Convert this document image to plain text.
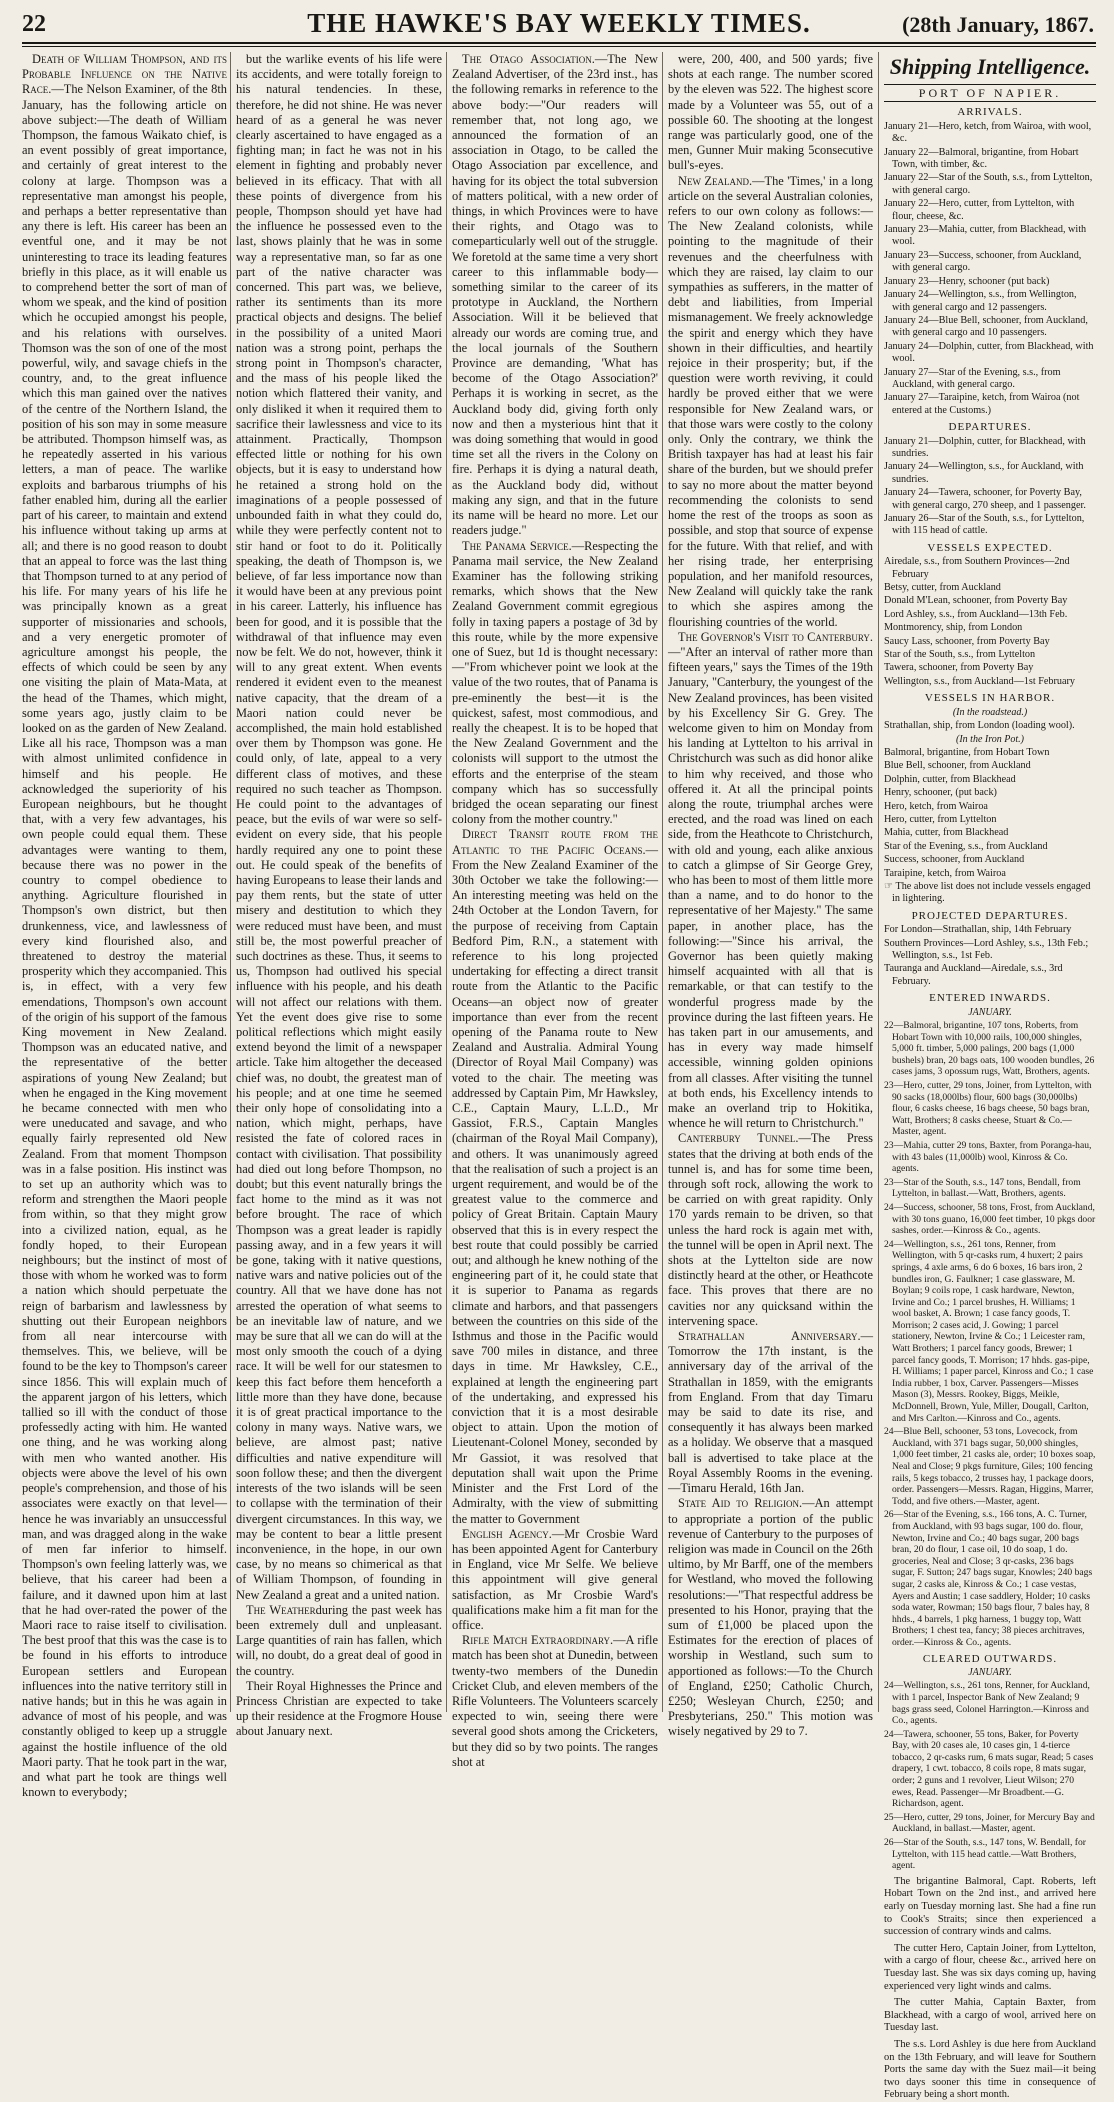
22	THE HAWKE'S BAY WEEKLY TIMES.	(28th January, 1867.

Death of William Thompson, and its Probable Influence on the Native Race.—The Nelson Examiner, of the 8th January, has the following article on above subject:—The death of William Thompson, the famous Waikato chief, is an event possibly of great importance, and certainly of great interest to the colony at large. Thompson was a representative man amongst his people, and perhaps a better representative than any there is left. His career has been an eventful one, and it may be not uninteresting to trace its leading features briefly in this place, as it will enable us to comprehend better the sort of man of whom we speak, and the kind of position which he occupied amongst his people, and his relations with ourselves. Thomson was the son of one of the most powerful, wily, and savage chiefs in the country, and, to the great influence which this man gained over the natives of the centre of the Northern Island, the position of his son may in some measure be attributed. Thompson himself was, as he repeatedly asserted in his various letters, a man of peace. The warlike exploits and barbarous triumphs of his father enabled him, during all the earlier part of his career, to maintain and extend his influence without taking up arms at all; and there is no good reason to doubt that an appeal to force was the last thing that Thompson turned to at any period of his life. For many years of his life he was principally known as a great supporter of missionaries and schools, and a very energetic promoter of agriculture amongst his people, the effects of which could be seen by any one visiting the plain of Mata-Mata, at the head of the Thames, which might, some years ago, justly claim to be looked on as the garden of New Zealand. Like all his race, Thompson was a man with almost unlimited confidence in himself and his people. He acknowledged the superiority of his European neighbours, but he thought that, with a very few advantages, his own people could equal them. These advantages were wanting to them, because there was no power in the country to compel obedience to anything. Agriculture flourished in Thompson's own district, but then drunkenness, vice, and lawlessness of every kind flourished also, and threatened to destroy the material prosperity which they accompanied. This is, in effect, with a very few emendations, Thompson's own account of the origin of his support of the famous King movement in New Zealand. Thompson was an educated native, and the representative of the better aspirations of young New Zealand; but when he engaged in the King movement he became connected with men who were uneducated and savage, and who equally fairly represented old New Zealand. From that moment Thompson was in a false position. His instinct was to set up an authority which was to reform and strengthen the Maori people from within, so that they might grow into a civilized nation, equal, as he fondly hoped, to their European neighbours; but the instinct of most of those with whom he worked was to form a nation which should perpetuate the reign of barbarism and lawlessness by shutting out their European neighbors from all near intercourse with themselves. This, we believe, will be found to be the key to Thompson's career since 1856. This will explain much of the apparent jargon of his letters, which tallied so ill with the conduct of those professedly acting with him. He wanted one thing, and he was working along with men who wanted another. His objects were above the level of his own people's comprehension, and those of his associates were exactly on that level—hence he was invariably an unsuccessful man, and was dragged along in the wake of men far inferior to himself. Thompson's own feeling latterly was, we believe, that his career had been a failure, and it dawned upon him at last that he had over-rated the power of the Maori race to raise itself to civilisation. The best proof that this was the case is to be found in his efforts to introduce European settlers and European influences into the native territory still in native hands; but in this he was again in advance of most of his people, and was constantly obliged to keep up a struggle against the hostile influence of the old Maori party. That he took part in the war, and what part he took are things well known to everybody;

but the warlike events of his life were its accidents, and were totally foreign to his natural tendencies. In these, therefore, he did not shine. He was never heard of as a general he was never clearly ascertained to have engaged as a fighting man; in fact he was not in his element in fighting and probably never believed in its efficacy. That with all these points of divergence from his people, Thompson should yet have had the influence he possessed even to the last, shows plainly that he was in some way a representative man, so far as one part of the native character was concerned. This part was, we believe, rather its sentiments than its more practical objects and designs. The belief in the possibility of a united Maori nation was a strong point, perhaps the strong point in Thompson's character, and the mass of his people liked the notion which flattered their vanity, and only disliked it when it required them to sacrifice their lawlessness and vice to its attainment. Practically, Thompson effected little or nothing for his own objects, but it is easy to understand how he retained a strong hold on the imaginations of a people possessed of unbounded faith in what they could do, while they were perfectly content not to stir hand or foot to do it. Politically speaking, the death of Thompson is, we believe, of far less importance now than it would have been at any previous point in his career. Latterly, his influence has been for good, and it is possible that the withdrawal of that influence may even now be felt. We do not, however, think it will to any great extent. When events rendered it evident even to the meanest native capacity, that the dream of a Maori nation could never be accomplished, the main hold established over them by Thompson was gone. He could only, of late, appeal to a very different class of motives, and these required no such teacher as Thompson. He could point to the advantages of peace, but the evils of war were so self-evident on every side, that his people hardly required any one to point these out. He could speak of the benefits of having Europeans to lease their lands and pay them rents, but the state of utter misery and destitution to which they were reduced must have been, and must still be, the most powerful preacher of such doctrines as these. Thus, it seems to us, Thompson had outlived his special influence with his people, and his death will not affect our relations with them. Yet the event does give rise to some political reflections which might easily extend beyond the limit of a newspaper article. Take him altogether the deceased chief was, no doubt, the greatest man of his people; and at one time he seemed their only hope of consolidating into a nation, which might, perhaps, have resisted the fate of colored races in contact with civilisation. That possibility had died out long before Thompson, no doubt; but this event naturally brings the fact home to the mind as it was not before brought. The race of which Thompson was a great leader is rapidly passing away, and in a few years it will be gone, taking with it native questions, native wars and native policies out of the country. All that we have done has not arrested the operation of what seems to be an inevitable law of nature, and we may be sure that all we can do will at the most only smooth the couch of a dying race. It will be well for our statesmen to keep this fact before them henceforth a little more than they have done, because it is of great practical importance to the colony in many ways. Native wars, we believe, are almost past; native difficulties and native expenditure will soon follow these; and then the divergent interests of the two islands will be seen to collapse with the termination of their divergent circumstances. In this way, we may be content to bear a little present inconvenience, in the hope, in our own case, by no means so chimerical as that of William Thompson, of founding in New Zealand a great and a united nation.

The Weatherduring the past week has been extremely dull and unpleasant. Large quantities of rain has fallen, which will, no doubt, do a great deal of good in the country.

Their Royal Highnesses the Prince and Princess Christian are expected to take up their residence at the Frogmore House about January next.

The Otago Association.—The New Zealand Advertiser, of the 23rd inst., has the following remarks in reference to the above body:—"Our readers will remember that, not long ago, we announced the formation of an association in Otago, to be called the Otago Association par excellence, and having for its object the total subversion of matters political, with a new order of things, in which Provinces were to have their rights, and Otago was to comeparticularly well out of the struggle. We foretold at the same time a very short career to this inflammable body—something similar to the career of its prototype in Auckland, the Northern Association. Will it be believed that already our words are coming true, and the local journals of the Southern Province are demanding, 'What has become of the Otago Association?' Perhaps it is working in secret, as the Auckland body did, giving forth only now and then a mysterious hint that it was doing something that would in good time set all the rivers in the Colony on fire. Perhaps it is dying a natural death, as the Auckland body did, without making any sign, and that in the future its name will be heard no more. Let our readers judge."

The Panama Service.—Respecting the Panama mail service, the New Zealand Examiner has the following striking remarks, which shows that the New Zealand Government commit egregious folly in taxing papers a postage of 3d by this route, while by the more expensive one of Suez, but 1d is thought necessary:—"From whichever point we look at the value of the two routes, that of Panama is pre-eminently the best—it is the quickest, safest, most commodious, and really the cheapest. It is to be hoped that the New Zealand Government and the colonists will support to the utmost the efforts and the enterprise of the steam company which has so successfully bridged the ocean separating our finest colony from the mother country."

Direct Transit route from the Atlantic to the Pacific Oceans.—From the New Zealand Examiner of the 30th October we take the following:—An interesting meeting was held on the 24th October at the London Tavern, for the purpose of receiving from Captain Bedford Pim, R.N., a statement with reference to his long projected undertaking for effecting a direct transit route from the Atlantic to the Pacific Oceans—an object now of greater importance than ever from the recent opening of the Panama route to New Zealand and Australia. Admiral Young (Director of Royal Mail Company) was voted to the chair. The meeting was addressed by Captain Pim, Mr Hawksley, C.E., Captain Maury, L.L.D., Mr Gassiot, F.R.S., Captain Mangles (chairman of the Royal Mail Company), and others. It was unanimously agreed that the realisation of such a project is an urgent requirement, and would be of the greatest value to the commerce and policy of Great Britain. Captain Maury observed that this is in every respect the best route that could possibly be carried out; and although he knew nothing of the engineering part of it, he could state that it is superior to Panama as regards climate and harbors, and that passengers between the countries on this side of the Isthmus and those in the Pacific would save 700 miles in distance, and three days in time. Mr Hawksley, C.E., explained at length the engineering part of the undertaking, and expressed his conviction that it is a most desirable object to attain. Upon the motion of Lieutenant-Colonel Money, seconded by Mr Gassiot, it was resolved that deputation shall wait upon the Prime Minister and the Frst Lord of the Admiralty, with the view of submitting the matter to Government

English Agency.—Mr Crosbie Ward has been appointed Agent for Canterbury in England, vice Mr Selfe. We believe this appointment will give general satisfaction, as Mr Crosbie Ward's qualifications make him a fit man for the office.

Rifle Match Extraordinary.—A rifle match has been shot at Dunedin, between twenty-two members of the Dunedin Cricket Club, and eleven members of the Rifle Volunteers. The Volunteers scarcely expected to win, seeing there were several good shots among the Cricketers, but they did so by two points. The ranges shot at

were, 200, 400, and 500 yards; five shots at each range. The number scored by the eleven was 522. The highest score made by a Volunteer was 55, out of a possible 60. The shooting at the longest range was particularly good, one of the men, Gunner Muir making 5consecutive bull's-eyes.

New Zealand.—The 'Times,' in a long article on the several Australian colonies, refers to our own colony as follows:—The New Zealand colonists, while pointing to the magnitude of their revenues and the cheerfulness with which they are raised, lay claim to our sympathies as sufferers, in the matter of debt and liabilities, from Imperial mismanagement. We freely acknowledge the spirit and energy which they have shown in their difficulties, and heartily rejoice in their prosperity; but, if the question were worth reviving, it could hardly be proved either that we were responsible for New Zealand wars, or that those wars were costly to the colony only. Only the contrary, we think the British taxpayer has had at least his fair share of the burden, but we should prefer to say no more about the matter beyond recommending the colonists to send home the rest of the troops as soon as possible, and stop that source of expense for the future. With that relief, and with her rising trade, her enterprising population, and her manifold resources, New Zealand will quickly take the rank to which she aspires among the flourishing countries of the world.

The Governor's Visit to Canterbury.—"After an interval of rather more than fifteen years," says the Times of the 19th January, "Canterbury, the youngest of the New Zealand provinces, has been visited by his Excellency Sir G. Grey. The welcome given to him on Monday from his landing at Lyttelton to his arrival in Christchurch was such as did honor alike to him why received, and those who offered it. At all the principal points along the route, triumphal arches were erected, and the road was lined on each side, from the Heathcote to Christchurch, with old and young, each alike anxious to catch a glimpse of Sir George Grey, who has been to most of them little more than a name, and to do honor to the representative of her Majesty." The same paper, in another place, has the following:—"Since his arrival, the Governor has been quietly making himself acquainted with all that is remarkable, or that can testify to the wonderful progress made by the province during the last fifteen years. He has taken part in our amusements, and has in every way made himself accessible, winning golden opinions from all classes. After visiting the tunnel at both ends, his Excellency intends to make an overland trip to Hokitika, whence he will return to Christchurch."

Canterbury Tunnel.—The Press states that the driving at both ends of the tunnel is, and has for some time been, through soft rock, allowing the work to be carried on with great rapidity. Only 170 yards remain to be driven, so that unless the hard rock is again met with, the tunnel will be open in April next. The shots at the Lyttelton side are now distinctly heard at the other, or Heathcote face. This proves that there are no cavities nor any quicksand within the intervening space.

Strathallan Anniversary.—Tomorrow the 17th instant, is the anniversary day of the arrival of the Strathallan in 1859, with the emigrants from England. From that day Timaru may be said to date its rise, and consequently it has always been marked as a holiday. We observe that a masqued ball is advertised to take place at the Royal Assembly Rooms in the evening.—Timaru Herald, 16th Jan.

State Aid to Religion.—An attempt to appropriate a portion of the public revenue of Canterbury to the purposes of religion was made in Council on the 26th ultimo, by Mr Barff, one of the members for Westland, who moved the following resolutions:—"That respectful address be presented to his Honor, praying that the sum of £1,000 be placed upon the Estimates for the erection of places of worship in Westland, such sum to apportioned as follows:—To the Church of England, £250; Catholic Church, £250; Wesleyan Church, £250; and Presbyterians, 250." This motion was wisely negatived by 29 to 7.

Shipping Intelligence.
PORT OF NAPIER.
ARRIVALS.

January 21—Hero, ketch, from Wairoa, with wool, &c.

January 22—Balmoral, brigantine, from Hobart Town, with timber, &c.

January 22—Star of the South, s.s., from Lyttelton, with general cargo.

January 22—Hero, cutter, from Lyttelton, with flour, cheese, &c.

January 23—Mahia, cutter, from Blackhead, with wool.

January 23—Success, schooner, from Auckland, with general cargo.

January 23—Henry, schooner (put back)

January 24—Wellington, s.s., from Wellington, with general cargo and 12 passengers.

January 24—Blue Bell, schooner, from Auckland, with general cargo and 10 passengers.

January 24—Dolphin, cutter, from Blackhead, with wool.

January 27—Star of the Evening, s.s., from Auckland, with general cargo.

January 27—Taraipine, ketch, from Wairoa (not entered at the Customs.)

DEPARTURES.

January 21—Dolphin, cutter, for Blackhead, with sundries.

January 24—Wellington, s.s., for Auckland, with sundries.

January 24—Tawera, schooner, for Poverty Bay, with general cargo, 270 sheep, and 1 passenger.

January 26—Star of the South, s.s., for Lyttelton, with 115 head of cattle.

VESSELS EXPECTED.

Airedale, s.s., from Southern Provinces—2nd February

Betsy, cutter, from Auckland

Donald M'Lean, schooner, from Poverty Bay

Lord Ashley, s.s., from Auckland—13th Feb.

Montmorency, ship, from London

Saucy Lass, schooner, from Poverty Bay

Star of the South, s.s., from Lyttelton

Tawera, schooner, from Poverty Bay

Wellington, s.s., from Auckland—1st February

VESSELS IN HARBOR.
(In the roadstead.)

Strathallan, ship, from London (loading wool).

(In the Iron Pot.)

Balmoral, brigantine, from Hobart Town

Blue Bell, schooner, from Auckland

Dolphin, cutter, from Blackhead

Henry, schooner, (put back)

Hero, ketch, from Wairoa

Hero, cutter, from Lyttelton

Mahia, cutter, from Blackhead

Star of the Evening, s.s., from Auckland

Success, schooner, from Auckland

Taraipine, ketch, from Wairoa

☞ The above list does not include vessels engaged in lightering.
PROJECTED DEPARTURES.

For London—Strathallan, ship, 14th February

Southern Provinces—Lord Ashley, s.s., 13th Feb.; Wellington, s.s., 1st Feb.

Tauranga and Auckland—Airedale, s.s., 3rd February.

ENTERED INWARDS.
JANUARY.

22—Balmoral, brigantine, 107 tons, Roberts, from Hobart Town with 10,000 rails, 100,000 shingles, 5,000 ft. timber, 5,000 palings, 200 bags (1,000 bushels) bran, 20 bags oats, 100 wooden bundles, 26 cases jams, 3 opossum rugs, Watt, Brothers, agents.

23—Hero, cutter, 29 tons, Joiner, from Lyttelton, with 90 sacks (18,000lbs) flour, 600 bags (30,000lbs) flour, 6 casks cheese, 16 bags cheese, 50 bags bran, Watt, Brothers; 8 casks cheese, Stuart & Co.—Master, agent.

23—Mahia, cutter 29 tons, Baxter, from Poranga-hau, with 43 bales (11,000lb) wool, Kinross & Co. agents.

23—Star of the South, s.s., 147 tons, Bendall, from Lyttelton, in ballast.—Watt, Brothers, agents.

24—Success, schooner, 58 tons, Frost, from Auckland, with 30 tons guano, 16,000 feet timber, 10 pkgs door sashes, order.—Kinross & Co., agents.

24—Wellington, s.s., 261 tons, Renner, from Wellington, with 5 qr-casks rum, 4 huxert; 2 pairs springs, 4 axle arms, 6 do 6 boxes, 16 bars iron, 2 bundles iron, G. Faulkner; 1 case glassware, M. Boylan; 9 coils rope, 1 cask hardware, Newton, Irvine and Co.; 1 parcel brushes, H. Williams; 1 wool basket, A. Brown; 1 case fancy goods, T. Morrison; 2 cases acid, J. Gowing; 1 parcel stationery, Newton, Irvine & Co.; 1 Leicester ram, Watt Brothers; 1 parcel fancy goods, Brewer; 1 parcel fancy goods, T. Morrison; 17 hhds. gas-pipe, H. Williams; 1 paper parcel, Kinross and Co.; 1 case India rubber, 1 box, Carver. Passengers—Misses Mason (3), Messrs. Rookey, Biggs, Meikle, McDonnell, Brown, Yule, Miller, Dougall, Carlton, and Mrs Carlton.—Kinross and Co., agents.

24—Blue Bell, schooner, 53 tons, Lovecock, from Auckland, with 371 bags sugar, 50,000 shingles, 1,000 feet timber, 21 casks ale, order; 10 boxes soap, Neal and Close; 9 pkgs furniture, Giles; 100 fencing rails, 5 kegs tobacco, 2 trusses hay, 1 package doors, order. Passengers—Messrs. Ragan, Higgins, Marrer, Todd, and five others.—Master, agent.

26—Star of the Evening, s.s., 166 tons, A. C. Turner, from Auckland, with 93 bags sugar, 100 do. flour, Newton, Irvine and Co.; 40 bags sugar, 200 bags bran, 20 do flour, 1 case oil, 10 do soap, 1 do. groceries, Neal and Close; 3 qr-casks, 236 bags sugar, F. Sutton; 247 bags sugar, Knowles; 240 bags sugar, 2 casks ale, Kinross & Co.; 1 case vestas, Ayers and Austin; 1 case saddlery, Holder; 10 casks soda water, Rowman; 150 bags flour, 7 bales hay, 8 hhds., 4 barrels, 1 pkg harness, 1 buggy top, Watt Brothers; 1 chest tea, fancy; 38 pieces architraves, order.—Kinross & Co., agents.

CLEARED OUTWARDS.
JANUARY.

24—Wellington, s.s., 261 tons, Renner, for Auckland, with 1 parcel, Inspector Bank of New Zealand; 9 bags grass seed, Colonel Harrington.—Kinross and Co., agents.

24—Tawera, schooner, 55 tons, Baker, for Poverty Bay, with 20 cases ale, 10 cases gin, 1 4-tierce tobacco, 2 qr-casks rum, 6 mats sugar, Read; 5 cases drapery, 1 cwt. tobacco, 8 coils rope, 8 mats sugar, order; 2 guns and 1 revolver, Lieut Wilson; 270 ewes, Read. Passenger—Mr Broadbent.—G. Richardson, agent.

25—Hero, cutter, 29 tons, Joiner, for Mercury Bay and Auckland, in ballast.—Master, agent.

26—Star of the South, s.s., 147 tons, W. Bendall, for Lyttelton, with 115 head cattle.—Watt Brothers, agent.

The brigantine Balmoral, Capt. Roberts, left Hobart Town on the 2nd inst., and arrived here early on Tuesday morning last. She had a fine run to Cook's Straits; since then experienced a succession of contrary winds and calms.

The cutter Hero, Captain Joiner, from Lyttelton, with a cargo of flour, cheese &c., arrived here on Tuesday last. She was six days coming up, having experienced very light winds and calms.

The cutter Mahia, Captain Baxter, from Blackhead, with a cargo of wool, arrived here on Tuesday last.

The s.s. Lord Ashley is due here from Auckland on the 13th February, and will leave for Southern Ports the same day with the Suez mail—it being two days sooner this time in consequence of February being a short month.
